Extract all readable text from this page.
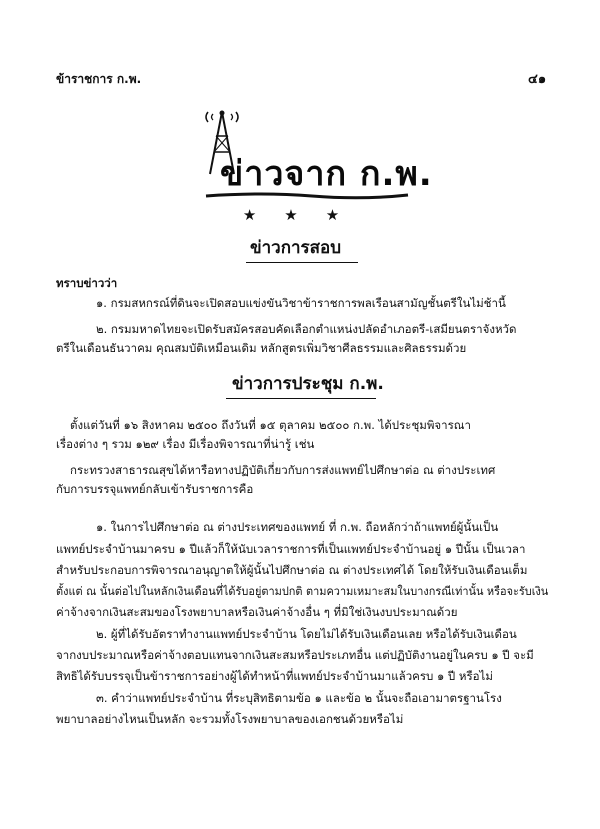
ข้าราชการ ก.พ.	๔๑
ข่าวจาก ก.พ.
★★★
ข่าวการสอบ
ทราบข่าวว่า
๑. กรมสหกรณ์ที่ดินจะเปิดสอบแข่งขันวิชาข้าราชการพลเรือนสามัญชั้นตรีในไม่ช้านี้
๒. กรมมหาดไทยจะเปิดรับสมัครสอบคัดเลือกตำแหน่งปลัดอำเภอตรี-เสมียนตราจังหวัด
ตรีในเดือนธันวาคม คุณสมบัติเหมือนเดิม หลักสูตรเพิ่มวิชาศีลธรรมและศิลธรรมด้วย
ข่าวการประชุม ก.พ.
ตั้งแต่วันที่ ๑๖ สิงหาคม ๒๕๐๐ ถึงวันที่ ๑๕ ตุลาคม ๒๕๐๐ ก.พ. ได้ประชุมพิจารณา
เรื่องต่าง ๆ รวม ๑๒๙ เรื่อง มีเรื่องพิจารณาที่น่ารู้ เช่น
กระทรวงสาธารณสุขได้หารือทางปฏิบัติเกี่ยวกับการส่งแพทย์ไปศึกษาต่อ ณ ต่างประเทศ
กับการบรรจุแพทย์กลับเข้ารับราชการคือ
๑. ในการไปศึกษาต่อ ณ ต่างประเทศของแพทย์ ที่ ก.พ. ถือหลักว่าถ้าแพทย์ผู้นั้นเป็น
แพทย์ประจำบ้านมาครบ ๑ ปีแล้วก็ให้นับเวลาราชการที่เป็นแพทย์ประจำบ้านอยู่ ๑ ปีนั้น เป็นเวลา
สำหรับประกอบการพิจารณาอนุญาตให้ผู้นั้นไปศึกษาต่อ ณ ต่างประเทศได้ โดยให้รับเงินเดือนเต็ม
ตั้งแต่ ณ นั้นต่อไปในหลักเงินเดือนที่ได้รับอยู่ตามปกติ ตามความเหมาะสมในบางกรณีเท่านั้น หรือจะรับเงิน
ค่าจ้างจากเงินสะสมของโรงพยาบาลหรือเงินค่าจ้างอื่น ๆ ที่มิใช่เงินงบประมาณด้วย
๒. ผู้ที่ได้รับอัตราทำงานแพทย์ประจำบ้าน โดยไม่ได้รับเงินเดือนเลย หรือได้รับเงินเดือน
จากงบประมาณหรือค่าจ้างตอบแทนจากเงินสะสมหรือประเภทอื่น แต่ปฏิบัติงานอยู่ในครบ ๑ ปี จะมี
สิทธิได้รับบรรจุเป็นข้าราชการอย่างผู้ได้ทำหน้าที่แพทย์ประจำบ้านมาแล้วครบ ๑ ปี หรือไม่
๓. คำว่าแพทย์ประจำบ้าน ที่ระบุสิทธิตามข้อ ๑ และข้อ ๒ นั้นจะถือเอามาตรฐานโรง
พยาบาลอย่างไหนเป็นหลัก จะรวมทั้งโรงพยาบาลของเอกชนด้วยหรือไม่
